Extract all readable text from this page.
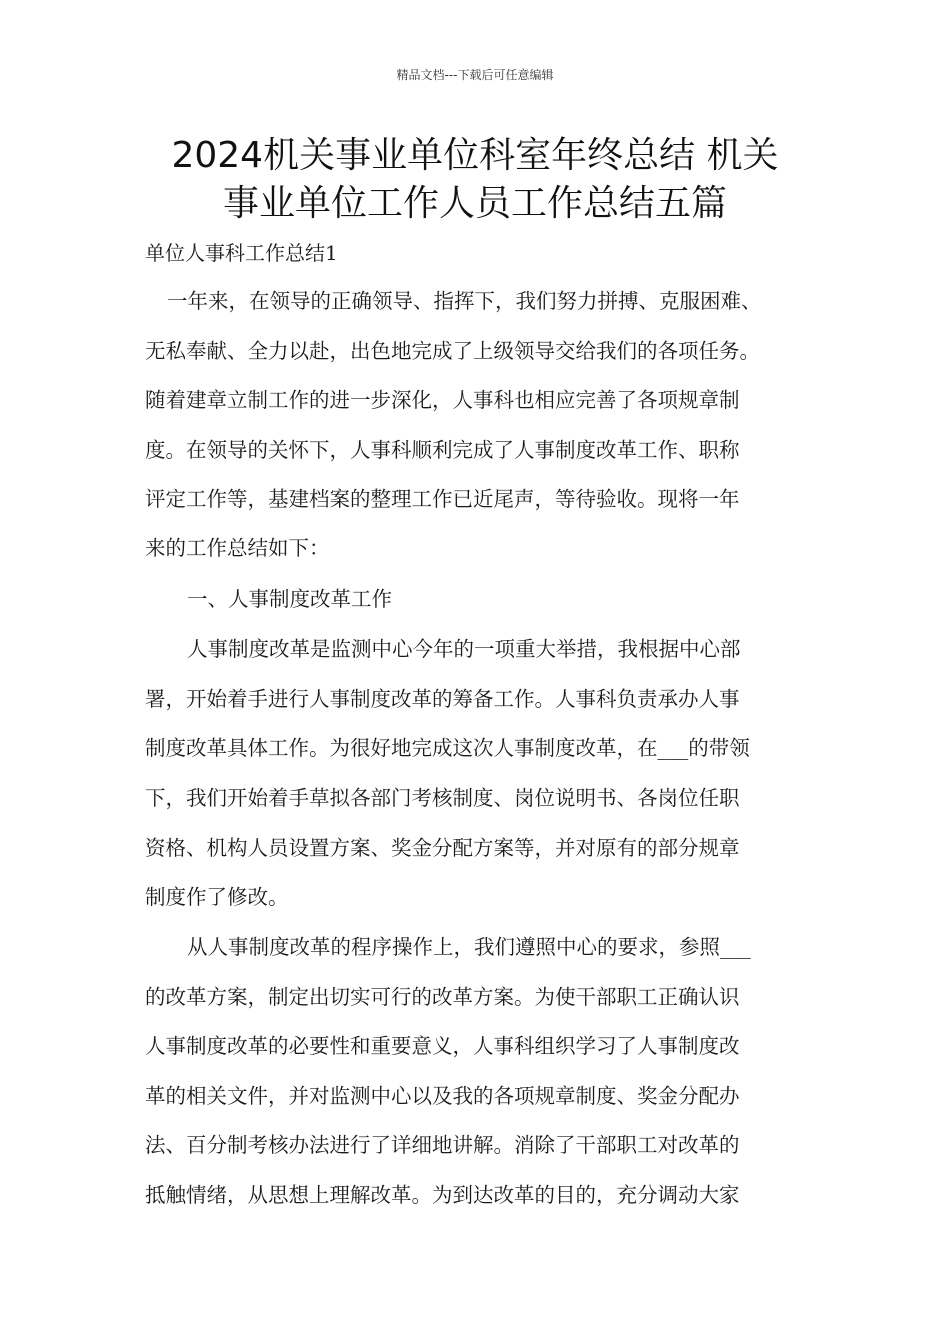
精品文档---下载后可任意编辑
2024机关事业单位科室年终总结 机关
事业单位工作人员工作总结五篇
单位人事科工作总结1
一年来，在领导的正确领导、指挥下，我们努力拼搏、克服困难、
无私奉献、全力以赴，出色地完成了上级领导交给我们的各项任务。
随着建章立制工作的进一步深化，人事科也相应完善了各项规章制
度。在领导的关怀下，人事科顺利完成了人事制度改革工作、职称
评定工作等，基建档案的整理工作已近尾声，等待验收。现将一年
来的工作总结如下：
一、人事制度改革工作
人事制度改革是监测中心今年的一项重大举措，我根据中心部
署，开始着手进行人事制度改革的筹备工作。人事科负责承办人事
制度改革具体工作。为很好地完成这次人事制度改革，在___的带领
下，我们开始着手草拟各部门考核制度、岗位说明书、各岗位任职
资格、机构人员设置方案、奖金分配方案等，并对原有的部分规章
制度作了修改。
从人事制度改革的程序操作上，我们遵照中心的要求，参照___
的改革方案，制定出切实可行的改革方案。为使干部职工正确认识
人事制度改革的必要性和重要意义，人事科组织学习了人事制度改
革的相关文件，并对监测中心以及我的各项规章制度、奖金分配办
法、百分制考核办法进行了详细地讲解。消除了干部职工对改革的
抵触情绪，从思想上理解改革。为到达改革的目的，充分调动大家
